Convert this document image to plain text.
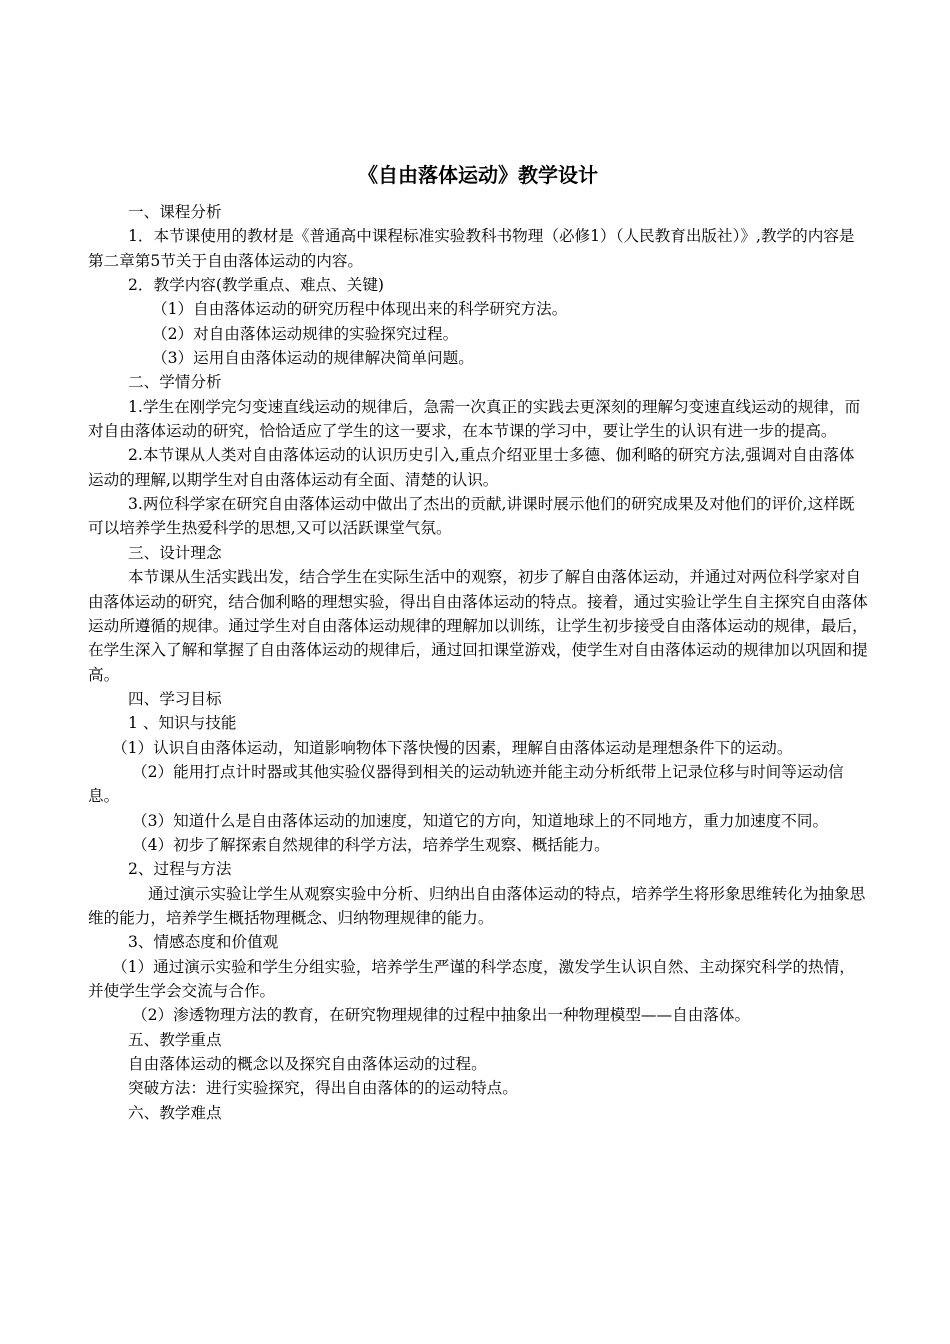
《自由落体运动》教学设计

一、课程分析

1．本节课使用的教材是《普通高中课程标准实验教科书物理（必修1）（人民教育出版社）》,教学的内容是第二章第5节关于自由落体运动的内容。

2．教学内容(教学重点、难点、关键)

（1）自由落体运动的研究历程中体现出来的科学研究方法。

（2）对自由落体运动规律的实验探究过程。

（3）运用自由落体运动的规律解决简单问题。

二、学情分析

1.学生在刚学完匀变速直线运动的规律后，急需一次真正的实践去更深刻的理解匀变速直线运动的规律，而对自由落体运动的研究，恰恰适应了学生的这一要求，在本节课的学习中，要让学生的认识有进一步的提高。

2.本节课从人类对自由落体运动的认识历史引入,重点介绍亚里士多德、伽利略的研究方法,强调对自由落体运动的理解,以期学生对自由落体运动有全面、清楚的认识。

3.两位科学家在研究自由落体运动中做出了杰出的贡献,讲课时展示他们的研究成果及对他们的评价,这样既可以培养学生热爱科学的思想,又可以活跃课堂气氛。

三、设计理念

本节课从生活实践出发，结合学生在实际生活中的观察，初步了解自由落体运动，并通过对两位科学家对自由落体运动的研究，结合伽利略的理想实验，得出自由落体运动的特点。接着，通过实验让学生自主探究自由落体运动所遵循的规律。通过学生对自由落体运动规律的理解加以训练，让学生初步接受自由落体运动的规律，最后，在学生深入了解和掌握了自由落体运动的规律后，通过回扣课堂游戏，使学生对自由落体运动的规律加以巩固和提高。

四、学习目标

1 、知识与技能

（1）认识自由落体运动，知道影响物体下落快慢的因素，理解自由落体运动是理想条件下的运动。

（2）能用打点计时器或其他实验仪器得到相关的运动轨迹并能主动分析纸带上记录位移与时间等运动信息。

（3）知道什么是自由落体运动的加速度，知道它的方向，知道地球上的不同地方，重力加速度不同。

（4）初步了解探索自然规律的科学方法，培养学生观察、概括能力。

2、过程与方法

通过演示实验让学生从观察实验中分析、归纳出自由落体运动的特点，培养学生将形象思维转化为抽象思维的能力，培养学生概括物理概念、归纳物理规律的能力。

3、情感态度和价值观

（1）通过演示实验和学生分组实验，培养学生严谨的科学态度，激发学生认识自然、主动探究科学的热情，并使学生学会交流与合作。

（2）渗透物理方法的教育，在研究物理规律的过程中抽象出一种物理模型——自由落体。

五、教学重点

自由落体运动的概念以及探究自由落体运动的过程。

突破方法：进行实验探究，得出自由落体的的运动特点。

六、教学难点
